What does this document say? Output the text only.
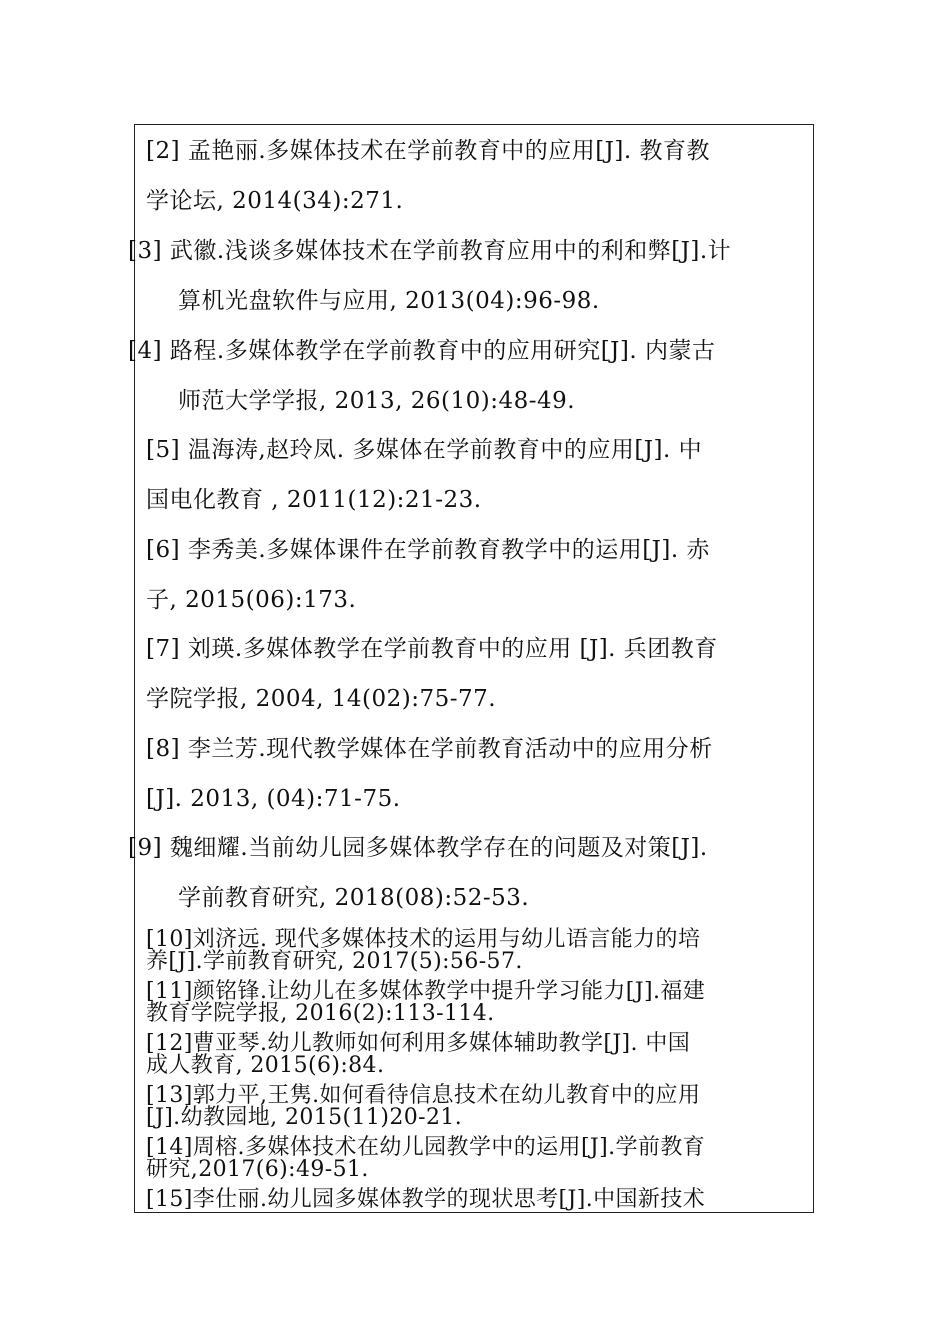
[2] 孟艳丽.多媒体技术在学前教育中的应用[J]. 教育教
学论坛, 2014(34):271.
[3] 武徽.浅谈多媒体技术在学前教育应用中的利和弊[J].计
算机光盘软件与应用, 2013(04):96-98.
[4] 路程.多媒体教学在学前教育中的应用研究[J]. 内蒙古
师范大学学报, 2013, 26(10):48-49.
[5] 温海涛,赵玲凤. 多媒体在学前教育中的应用[J]. 中
国电化教育 , 2011(12):21-23.
[6] 李秀美.多媒体课件在学前教育教学中的运用[J]. 赤
子, 2015(06):173.
[7] 刘瑛.多媒体教学在学前教育中的应用 [J]. 兵团教育
学院学报, 2004, 14(02):75-77.
[8] 李兰芳.现代教学媒体在学前教育活动中的应用分析
[J]. 2013, (04):71-75.
[9] 魏细耀.当前幼儿园多媒体教学存在的问题及对策[J].
学前教育研究, 2018(08):52-53.
[10]刘济远. 现代多媒体技术的运用与幼儿语言能力的培
养[J].学前教育研究, 2017(5):56-57.
[11]颜铭锋.让幼儿在多媒体教学中提升学习能力[J].福建
教育学院学报, 2016(2):113-114.
[12]曹亚琴.幼儿教师如何利用多媒体辅助教学[J]. 中国
成人教育, 2015(6):84.
[13]郭力平,王隽.如何看待信息技术在幼儿教育中的应用
[J].幼教园地, 2015(11)20-21.
[14]周榕.多媒体技术在幼儿园教学中的运用[J].学前教育
研究,2017(6):49-51.
[15]李仕丽.幼儿园多媒体教学的现状思考[J].中国新技术
